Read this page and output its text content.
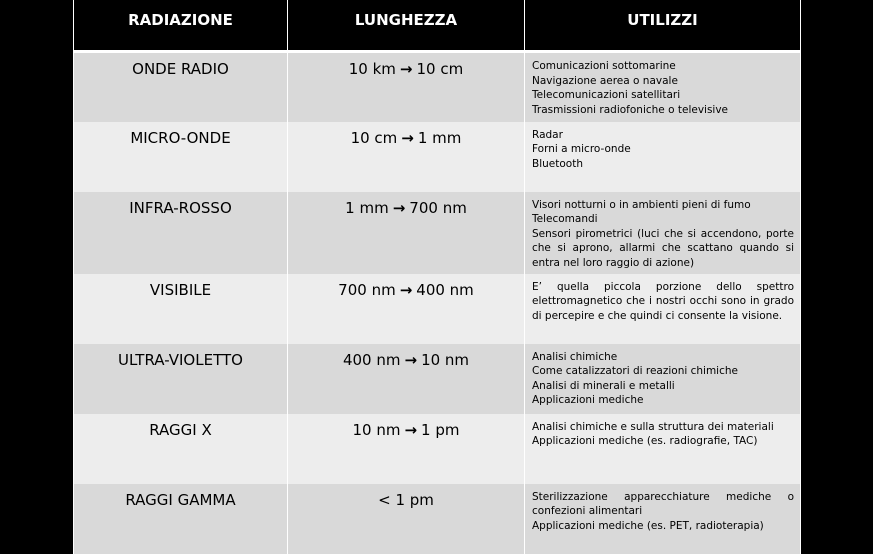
RADIAZIONE	LUNGHEZZA	UTILIZZI
ONDE RADIO	10 km → 10 cm	Comunicazioni sottomarine
Navigazione aerea o navale
Telecomunicazioni satellitari
Trasmissioni radiofoniche o televisive

MICRO-ONDE	10 cm → 1 mm	Radar
Forni a micro-onde
Bluetooth

INFRA-ROSSO	1 mm → 700 nm	Visori notturni o in ambienti pieni di fumo
Telecomandi
Sensori pirometrici (luci che si accendono, porte che si aprono, allarmi che scattano quando si entra nel loro raggio di azione)

VISIBILE	700 nm → 400 nm	E’ quella piccola porzione dello spettro elettromagnetico che i nostri occhi sono in grado di percepire e che quindi ci consente la visione.

ULTRA-VIOLETTO	400 nm → 10 nm	Analisi chimiche
Come catalizzatori di reazioni chimiche
Analisi di minerali e metalli
Applicazioni mediche

RAGGI X	10 nm → 1 pm	Analisi chimiche e sulla struttura dei materiali
Applicazioni mediche (es. radiografie, TAC)

RAGGI GAMMA	< 1 pm	Sterilizzazione apparecchiature mediche o confezioni alimentari
Applicazioni mediche (es. PET, radioterapia)
